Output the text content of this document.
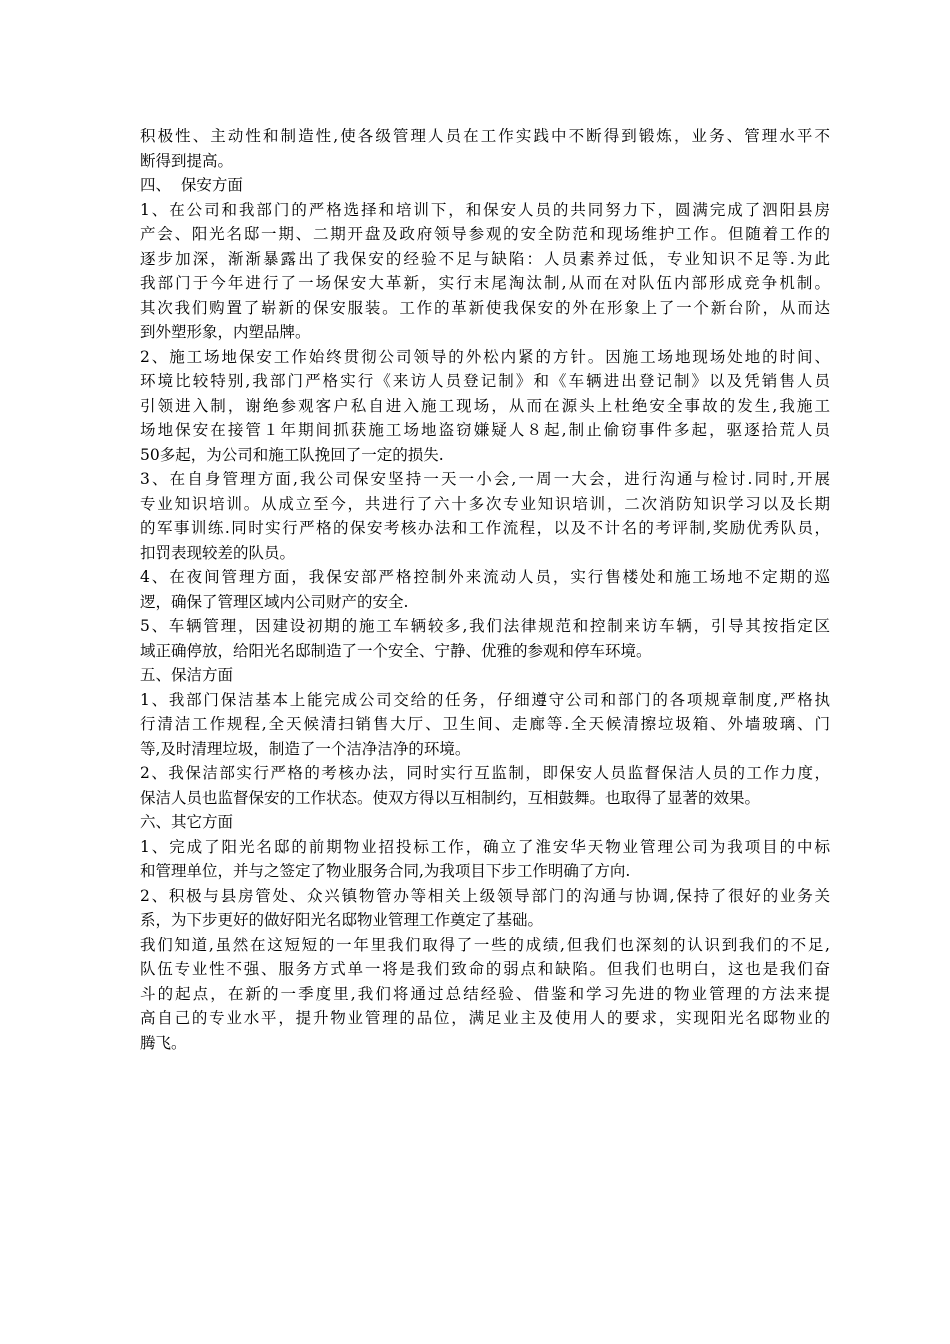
积极性、主动性和制造性,使各级管理人员在工作实践中不断得到锻炼，业务、管理水平不
断得到提高。
四、  保安方面
1、在公司和我部门的严格选择和培训下，和保安人员的共同努力下，圆满完成了泗阳县房
产会、阳光名邸一期、二期开盘及政府领导参观的安全防范和现场维护工作。但随着工作的
逐步加深，渐渐暴露出了我保安的经验不足与缺陷：人员素养过低，专业知识不足等.为此
我部门于今年进行了一场保安大革新，实行末尾淘汰制,从而在对队伍内部形成竞争机制。
其次我们购置了崭新的保安服装。工作的革新使我保安的外在形象上了一个新台阶，从而达
到外塑形象，内塑品牌。
2、施工场地保安工作始终贯彻公司领导的外松内紧的方针。因施工场地现场处地的时间、
环境比较特别,我部门严格实行《来访人员登记制》和《车辆进出登记制》以及凭销售人员
引领进入制，谢绝参观客户私自进入施工现场，从而在源头上杜绝安全事故的发生,我施工
场地保安在接管１年期间抓获施工场地盗窃嫌疑人８起,制止偷窃事件多起，驱逐拾荒人员
50多起，为公司和施工队挽回了一定的损失.
3、在自身管理方面,我公司保安坚持一天一小会,一周一大会，进行沟通与检讨.同时,开展
专业知识培训。从成立至今，共进行了六十多次专业知识培训，二次消防知识学习以及长期
的军事训练.同时实行严格的保安考核办法和工作流程，以及不计名的考评制,奖励优秀队员，
扣罚表现较差的队员。
4、在夜间管理方面，我保安部严格控制外来流动人员，实行售楼处和施工场地不定期的巡
逻，确保了管理区域内公司财产的安全.
5、车辆管理，因建设初期的施工车辆较多,我们法律规范和控制来访车辆，引导其按指定区
域正确停放，给阳光名邸制造了一个安全、宁静、优雅的参观和停车环境。
五、保洁方面
1、我部门保洁基本上能完成公司交给的任务，仔细遵守公司和部门的各项规章制度,严格执
行清洁工作规程,全天候清扫销售大厅、卫生间、走廊等.全天候清擦垃圾箱、外墙玻璃、门
等,及时清理垃圾，制造了一个洁净洁净的环境。
2、我保洁部实行严格的考核办法，同时实行互监制，即保安人员监督保洁人员的工作力度，
保洁人员也监督保安的工作状态。使双方得以互相制约，互相鼓舞。也取得了显著的效果。
六、其它方面
1、完成了阳光名邸的前期物业招投标工作，确立了淮安华天物业管理公司为我项目的中标
和管理单位，并与之签定了物业服务合同,为我项目下步工作明确了方向.
2、积极与县房管处、众兴镇物管办等相关上级领导部门的沟通与协调,保持了很好的业务关
系，为下步更好的做好阳光名邸物业管理工作奠定了基础。
我们知道,虽然在这短短的一年里我们取得了一些的成绩,但我们也深刻的认识到我们的不足,
队伍专业性不强、服务方式单一将是我们致命的弱点和缺陷。但我们也明白，这也是我们奋
斗的起点，在新的一季度里,我们将通过总结经验、借鉴和学习先进的物业管理的方法来提
高自己的专业水平，提升物业管理的品位，满足业主及使用人的要求，实现阳光名邸物业的
腾飞。
